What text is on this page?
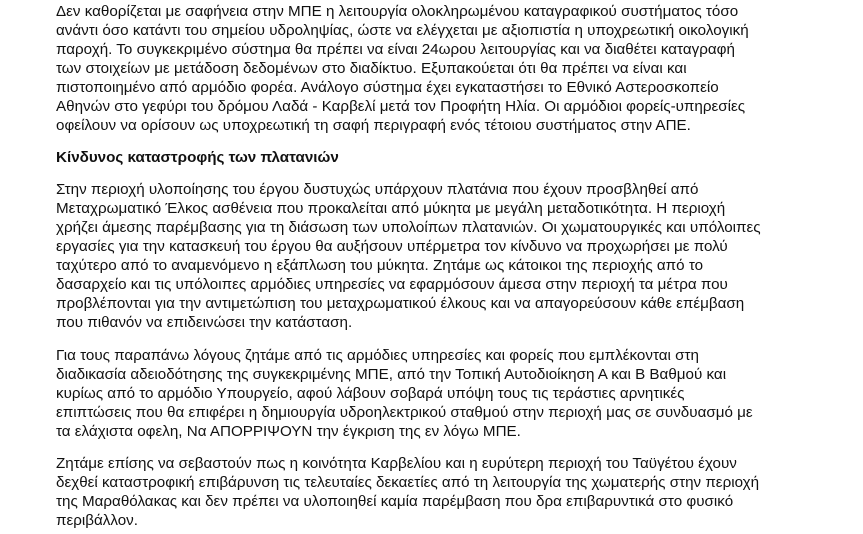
Δεν καθορίζεται με σαφήνεια στην ΜΠΕ η λειτουργία ολοκληρωμένου καταγραφικού συστήματος τόσο
ανάντι όσο κατάντι του σημείου υδροληψίας, ώστε να ελέγχεται με αξιοπιστία η υποχρεωτική οικολογική
παροχή. Το συγκεκριμένο σύστημα θα πρέπει να είναι 24ωρου λειτουργίας και να διαθέτει καταγραφή
των στοιχείων με μετάδοση δεδομένων στο διαδίκτυο. Εξυπακούεται ότι θα πρέπει να είναι και
πιστοποιημένο από αρμόδιο φορέα. Ανάλογο σύστημα έχει εγκαταστήσει το Εθνικό Αστεροσκοπείο
Αθηνών στο γεφύρι του δρόμου Λαδά - Καρβελί μετά τον Προφήτη Ηλία. Οι αρμόδιοι φορείς-υπηρεσίες
οφείλουν να ορίσουν ως υποχρεωτική τη σαφή περιγραφή ενός τέτοιου συστήματος στην ΑΠΕ.
Κίνδυνος καταστροφής των πλατανιών
Στην περιοχή υλοποίησης του έργου δυστυχώς υπάρχουν πλατάνια που έχουν προσβληθεί από
Μεταχρωματικό Έλκος ασθένεια που προκαλείται από μύκητα με μεγάλη μεταδοτικότητα. Η περιοχή
χρήζει άμεσης παρέμβασης για τη διάσωση των υπολοίπων πλατανιών. Οι χωματουργικές και υπόλοιπες
εργασίες για την κατασκευή του έργου θα αυξήσουν υπέρμετρα τον κίνδυνο να προχωρήσει με πολύ
ταχύτερο από το αναμενόμενο η εξάπλωση του μύκητα. Ζητάμε ως κάτοικοι της περιοχής από το
δασαρχείο και τις υπόλοιπες αρμόδιες υπηρεσίες να εφαρμόσουν άμεσα στην περιοχή τα μέτρα που
προβλέπονται για την αντιμετώπιση του μεταχρωματικού έλκους και να απαγορεύσουν κάθε επέμβαση
που πιθανόν να επιδεινώσει την κατάσταση.
Για τους παραπάνω λόγους ζητάμε από τις αρμόδιες υπηρεσίες και φορείς που εμπλέκονται στη
διαδικασία αδειοδότησης της συγκεκριμένης ΜΠΕ, από την Τοπική Αυτοδιοίκηση Α και Β Βαθμού και
κυρίως από το αρμόδιο Υπουργείο, αφού λάβουν σοβαρά υπόψη τους τις τεράστιες αρνητικές
επιπτώσεις που θα επιφέρει η δημιουργία υδροηλεκτρικού σταθμού στην περιοχή μας σε συνδυασμό με
τα ελάχιστα οφελη, Να ΑΠΟΡΡΙΨΟΥΝ την έγκριση της εν λόγω ΜΠΕ.
Ζητάμε επίσης να σεβαστούν πως η κοινότητα Καρβελίου και η ευρύτερη περιοχή του Ταϋγέτου έχουν
δεχθεί καταστροφική επιβάρυνση τις τελευταίες δεκαετίες από τη λειτουργία της χωματερής στην περιοχή
της Μαραθόλακας και δεν πρέπει να υλοποιηθεί καμία παρέμβαση που δρα επιβαρυντικά στο φυσικό
περιβάλλον.
